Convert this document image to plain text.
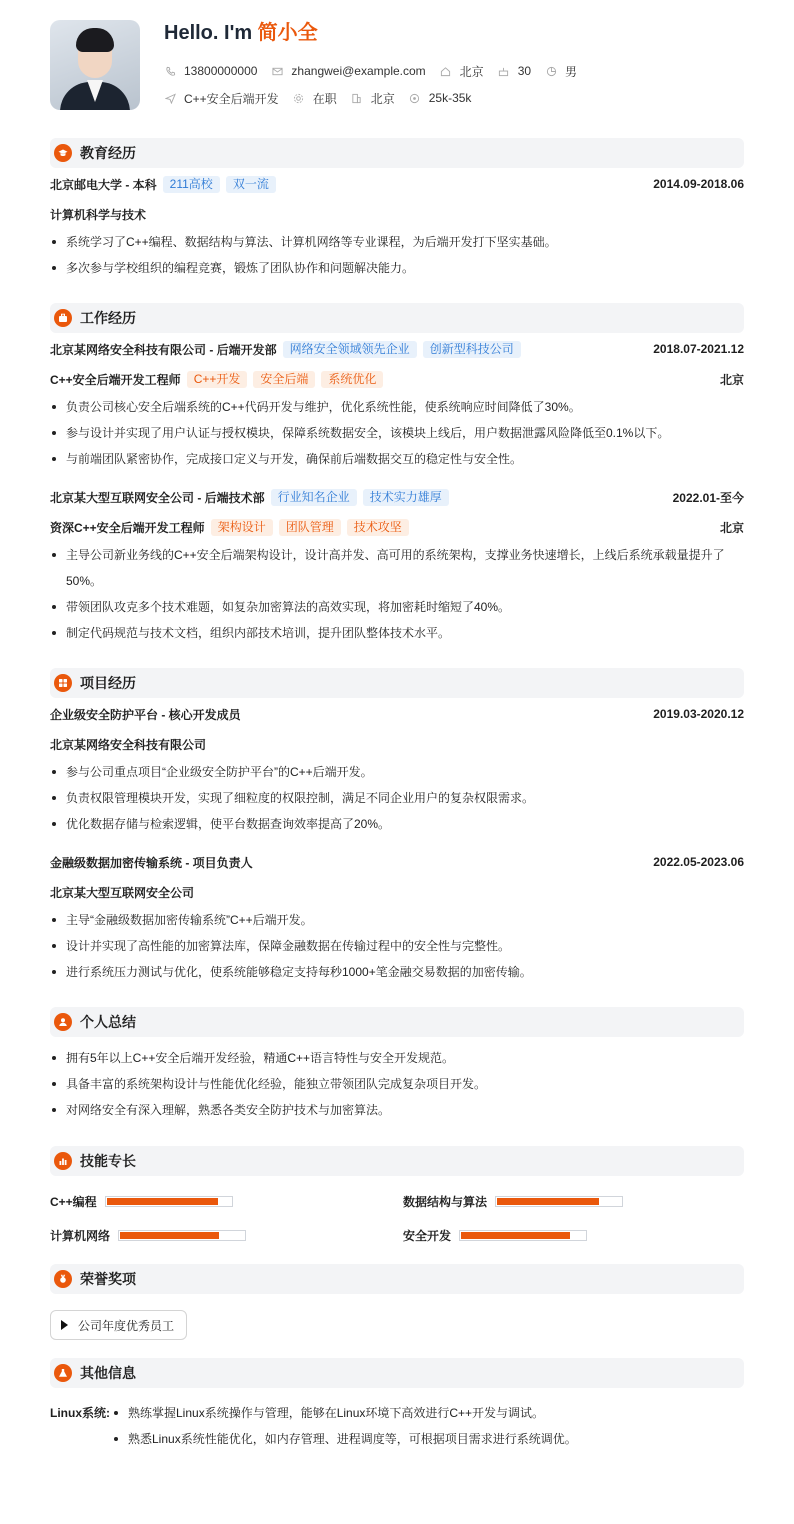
Hello. I'm 简小全
13800000000	zhangwei@example.com	北京	30	男
C++安全后端开发	在职	北京	25k-35k
教育经历
北京邮电大学 - 本科	211高校	双一流	2014.09-2018.06
计算机科学与技术
系统学习了C++编程、数据结构与算法、计算机网络等专业课程，为后端开发打下坚实基础。
多次参与学校组织的编程竞赛，锻炼了团队协作和问题解决能力。
工作经历
北京某网络安全科技有限公司 - 后端开发部	网络安全领域领先企业	创新型科技公司	2018.07-2021.12
C++安全后端开发工程师	C++开发	安全后端	系统优化	北京
负责公司核心安全后端系统的C++代码开发与维护，优化系统性能，使系统响应时间降低了30%。
参与设计并实现了用户认证与授权模块，保障系统数据安全，该模块上线后，用户数据泄露风险降低至0.1%以下。
与前端团队紧密协作，完成接口定义与开发，确保前后端数据交互的稳定性与安全性。
北京某大型互联网安全公司 - 后端技术部	行业知名企业	技术实力雄厚	2022.01-至今
资深C++安全后端开发工程师	架构设计	团队管理	技术攻坚	北京
主导公司新业务线的C++安全后端架构设计，设计高并发、高可用的系统架构，支撑业务快速增长，上线后系统承载量提升了50%。
带领团队攻克多个技术难题，如复杂加密算法的高效实现，将加密耗时缩短了40%。
制定代码规范与技术文档，组织内部技术培训，提升团队整体技术水平。
项目经历
企业级安全防护平台 - 核心开发成员	2019.03-2020.12
北京某网络安全科技有限公司
参与公司重点项目“企业级安全防护平台”的C++后端开发。
负责权限管理模块开发，实现了细粒度的权限控制，满足不同企业用户的复杂权限需求。
优化数据存储与检索逻辑，使平台数据查询效率提高了20%。
金融级数据加密传输系统 - 项目负责人	2022.05-2023.06
北京某大型互联网安全公司
主导“金融级数据加密传输系统”C++后端开发。
设计并实现了高性能的加密算法库，保障金融数据在传输过程中的安全性与完整性。
进行系统压力测试与优化，使系统能够稳定支持每秒1000+笔金融交易数据的加密传输。
个人总结
拥有5年以上C++安全后端开发经验，精通C++语言特性与安全开发规范。
具备丰富的系统架构设计与性能优化经验，能独立带领团队完成复杂项目开发。
对网络安全有深入理解，熟悉各类安全防护技术与加密算法。
技能专长
C++编程	数据结构与算法
计算机网络	安全开发
荣誉奖项
公司年度优秀员工
其他信息
Linux系统:	熟练掌握Linux系统操作与管理，能够在Linux环境下高效进行C++开发与调试。
熟悉Linux系统性能优化，如内存管理、进程调度等，可根据项目需求进行系统调优。
